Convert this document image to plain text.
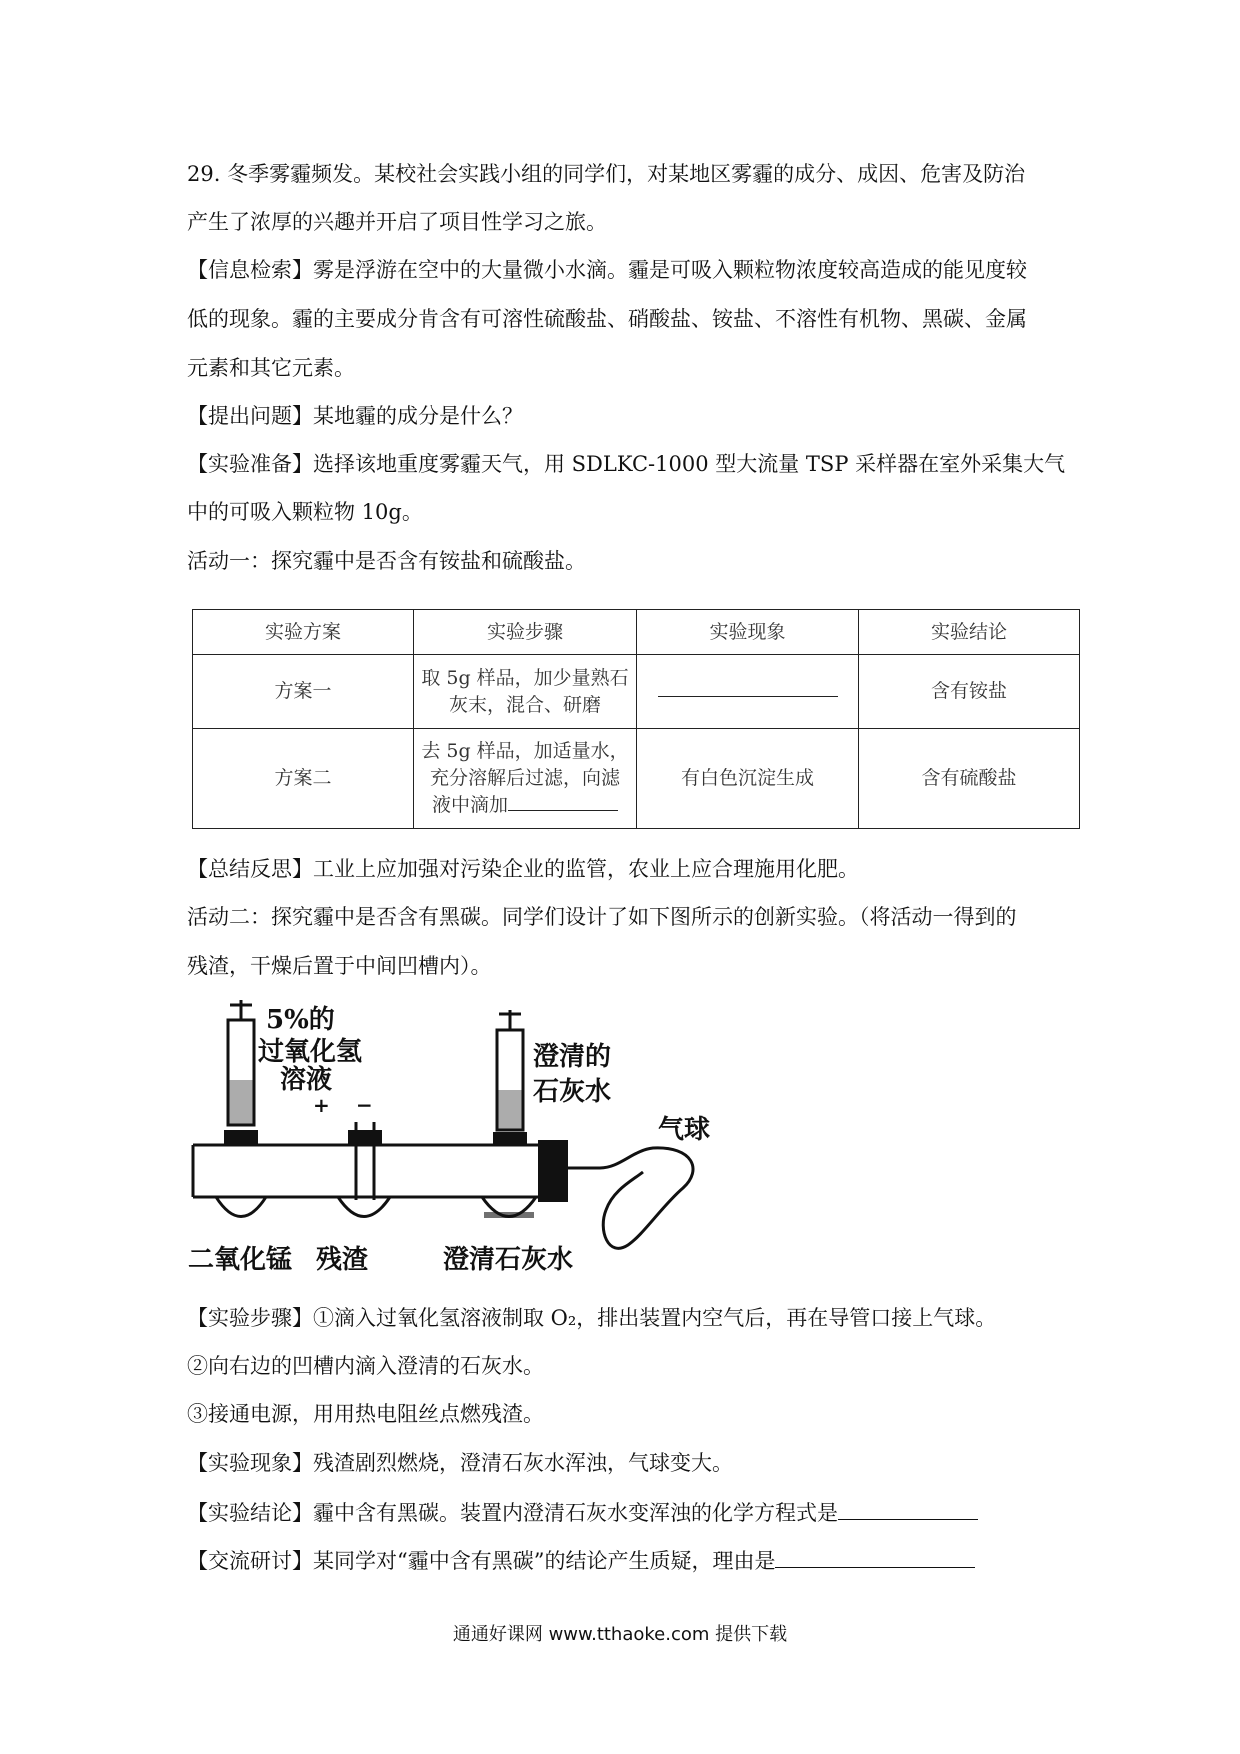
29. 冬季雾霾频发。某校社会实践小组的同学们，对某地区雾霾的成分、成因、危害及防治
产生了浓厚的兴趣并开启了项目性学习之旅。
【信息检索】雾是浮游在空中的大量微小水滴。霾是可吸入颗粒物浓度较高造成的能见度较
低的现象。霾的主要成分肯含有可溶性硫酸盐、硝酸盐、铵盐、不溶性有机物、黑碳、金属
元素和其它元素。
【提出问题】某地霾的成分是什么？
【实验准备】选择该地重度雾霾天气，用 SDLKC-1000 型大流量 TSP 采样器在室外采集大气
中的可吸入颗粒物 10g。
活动一：探究霾中是否含有铵盐和硫酸盐。
实验方案	实验步骤	实验现象	实验结论
方案一	取 5g 样品，加少量熟石
灰末，混合、研磨		含有铵盐
方案二	去 5g 样品，加适量水，
充分溶解后过滤，向滤
液中滴加	有白色沉淀生成	含有硫酸盐
【总结反思】工业上应加强对污染企业的监管，农业上应合理施用化肥。
活动二：探究霾中是否含有黑碳。同学们设计了如下图所示的创新实验。（将活动一得到的
残渣，干燥后置于中间凹槽内）。
5%的
过氧化氢
溶液
+ −
澄清的
石灰水
气球
二氧化锰 残渣	澄清石灰水
【实验步骤】①滴入过氧化氢溶液制取 O₂，排出装置内空气后，再在导管口接上气球。
②向右边的凹槽内滴入澄清的石灰水。
③接通电源，用用热电阻丝点燃残渣。
【实验现象】残渣剧烈燃烧，澄清石灰水浑浊，气球变大。
【实验结论】霾中含有黑碳。装置内澄清石灰水变浑浊的化学方程式是
【交流研讨】某同学对“霾中含有黑碳”的结论产生质疑，理由是
通通好课网 www.tthaoke.com 提供下载
